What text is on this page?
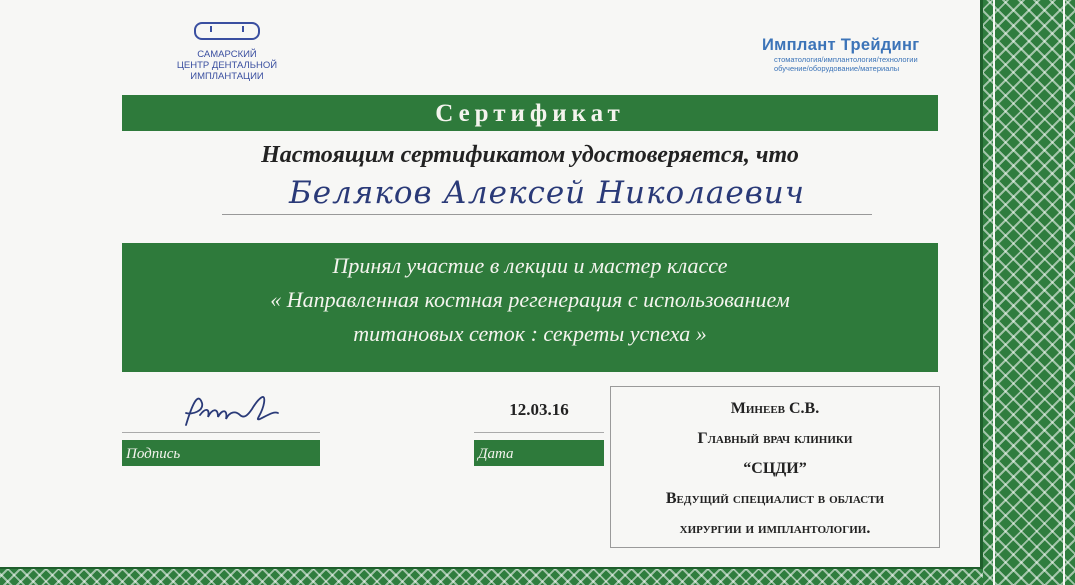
САМАРСКИЙ
ЦЕНТР ДЕНТАЛЬНОЙ
ИМПЛАНТАЦИИ
Имплант Трейдинг
стоматология/имплантология/технологии
обучение/оборудование/материалы
Сертификат
Настоящим сертификатом удостоверяется, что
Беляков Алексей Николаевич
Принял участие в лекции и мастер классе
« Направленная костная регенерация с использованием
титановых сеток : секреты успеха »
Подпись
12.03.16
Дата
Минеев С.В.
Главный врач клиники
“СЦДИ”
Ведущий специалист в области
хирургии и имплантологии.
